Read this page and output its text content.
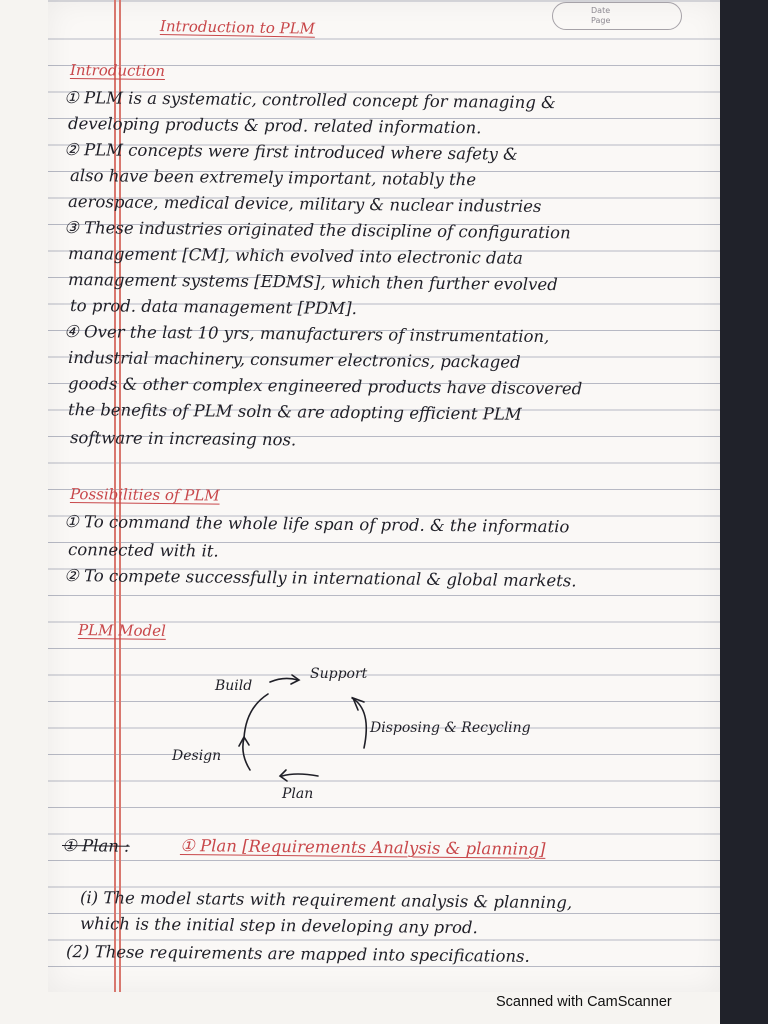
Introduction to PLM
Date
Page
Introduction
① PLM is a systematic, controlled concept for managing &
developing products & prod. related information.
② PLM concepts were first introduced where safety &
also have been extremely important, notably the
aerospace, medical device, military & nuclear industries
③ These industries originated the discipline of configuration
management [CM], which evolved into electronic data
management systems [EDMS], which then further evolved
to prod. data management [PDM].
④ Over the last 10 yrs, manufacturers of instrumentation,
industrial machinery, consumer electronics, packaged
goods & other complex engineered products have discovered
the benefits of PLM soln & are adopting efficient PLM
software in increasing nos.
Possibilities of PLM
① To command the whole life span of prod. & the informatio
connected with it.
② To compete successfully in international & global markets.
PLM Model
Build
Support
Disposing & Recycling
Design
Plan
① Plan :	① Plan [Requirements Analysis & planning]
(i) The model starts with requirement analysis & planning,
which is the initial step in developing any prod.
(2) These requirements are mapped into specifications.
Scanned with CamScanner
